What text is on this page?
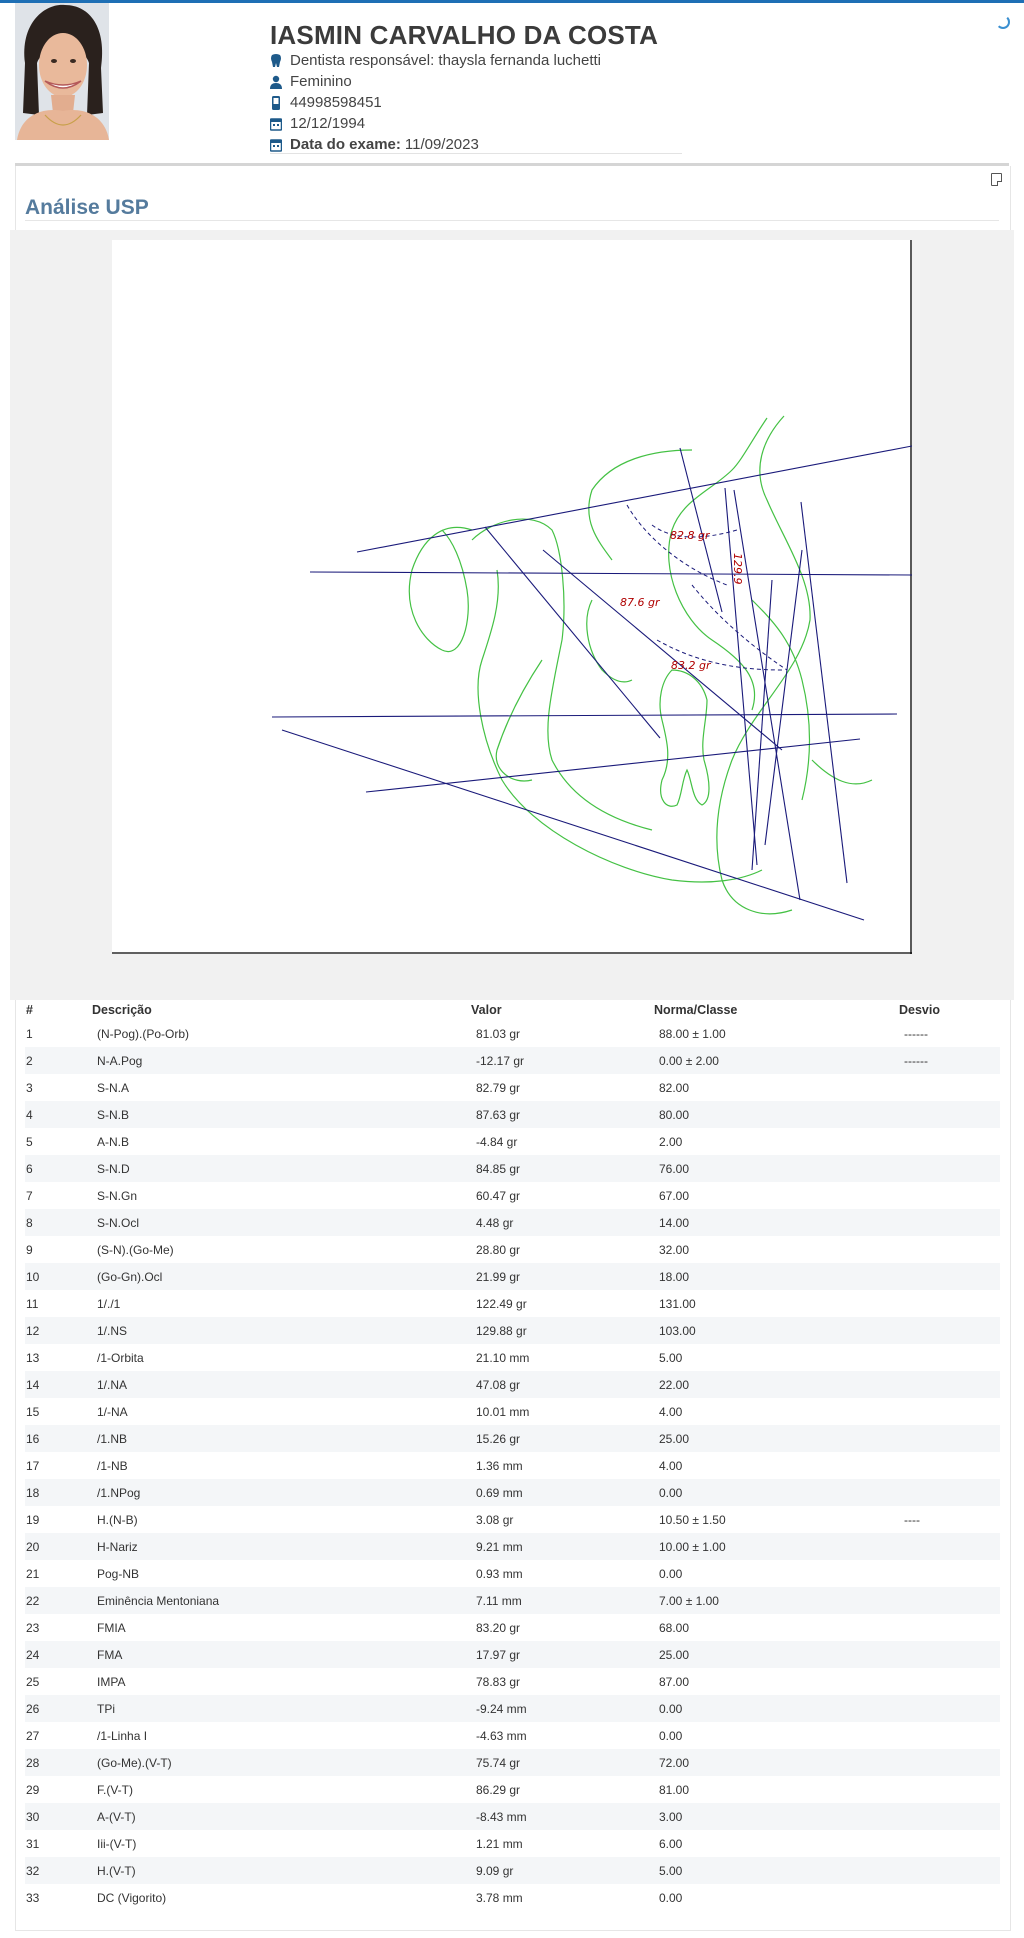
IASMIN CARVALHO DA COSTA
Dentista responsável: thaysla fernanda luchetti
Feminino
44998598451
12/12/1994
Data do exame: 11/09/2023
Análise USP
82.8 gr
87.6 gr
83.2 gr
129.9
#	Descrição	Valor	Norma/Classe	Desvio
1	(N-Pog).(Po-Orb)	81.03 gr	88.00 ± 1.00	------
2	N-A.Pog	-12.17 gr	0.00 ± 2.00	------
3	S-N.A	82.79 gr	82.00	
4	S-N.B	87.63 gr	80.00	
5	A-N.B	-4.84 gr	2.00	
6	S-N.D	84.85 gr	76.00	
7	S-N.Gn	60.47 gr	67.00	
8	S-N.Ocl	4.48 gr	14.00	
9	(S-N).(Go-Me)	28.80 gr	32.00	
10	(Go-Gn).Ocl	21.99 gr	18.00	
11	1/./1	122.49 gr	131.00	
12	1/.NS	129.88 gr	103.00	
13	/1-Orbita	21.10 mm	5.00	
14	1/.NA	47.08 gr	22.00	
15	1/-NA	10.01 mm	4.00	
16	/1.NB	15.26 gr	25.00	
17	/1-NB	1.36 mm	4.00	
18	/1.NPog	0.69 mm	0.00	
19	H.(N-B)	3.08 gr	10.50 ± 1.50	----
20	H-Nariz	9.21 mm	10.00 ± 1.00	
21	Pog-NB	0.93 mm	0.00	
22	Eminência Mentoniana	7.11 mm	7.00 ± 1.00	
23	FMIA	83.20 gr	68.00	
24	FMA	17.97 gr	25.00	
25	IMPA	78.83 gr	87.00	
26	TPi	-9.24 mm	0.00	
27	/1-Linha I	-4.63 mm	0.00	
28	(Go-Me).(V-T)	75.74 gr	72.00	
29	F.(V-T)	86.29 gr	81.00	
30	A-(V-T)	-8.43 mm	3.00	
31	Iii-(V-T)	1.21 mm	6.00	
32	H.(V-T)	9.09 gr	5.00	
33	DC (Vigorito)	3.78 mm	0.00	
